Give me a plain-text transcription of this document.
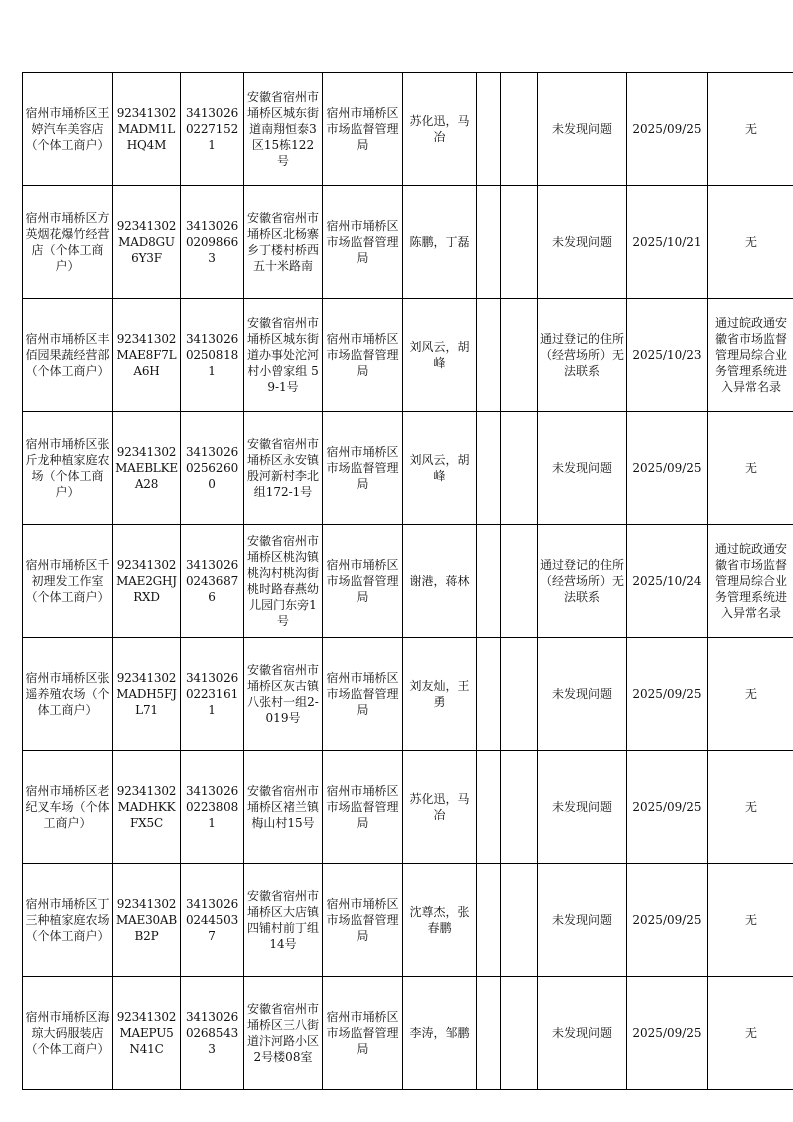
宿州市埇桥区王婷汽车美容店（个体工商户）	92341302MADM1LHQ4M	341302602271521	安徽省宿州市埇桥区城东街道南翔恒泰3区15栋122号	宿州市埇桥区市场监督管理局	苏化迅，马冶			未发现问题	2025/09/25	无
宿州市埇桥区方英烟花爆竹经营店（个体工商户）	92341302MAD8GU6Y3F	341302602098663	安徽省宿州市埇桥区北杨寨乡丁楼村桥西五十米路南	宿州市埇桥区市场监督管理局	陈鹏，丁磊			未发现问题	2025/10/21	无
宿州市埇桥区丰佰园果蔬经营部（个体工商户）	92341302MAE8F7LA6H	341302602508181	安徽省宿州市埇桥区城东街道办事处沱河村小曾家组 59-1号	宿州市埇桥区市场监督管理局	刘风云，胡峰			通过登记的住所（经营场所）无法联系	2025/10/23	通过皖政通安徽省市场监督管理局综合业务管理系统进入异常名录
宿州市埇桥区张斤龙种植家庭农场（个体工商户）	92341302MAEBLKEA28	341302602562600	安徽省宿州市埇桥区永安镇殷河新村李北组172-1号	宿州市埇桥区市场监督管理局	刘风云，胡峰			未发现问题	2025/09/25	无
宿州市埇桥区千初理发工作室（个体工商户）	92341302MAE2GHJRXD	341302602436876	安徽省宿州市埇桥区桃沟镇桃沟村桃沟街桃时路春燕幼儿园门东旁1号	宿州市埇桥区市场监督管理局	谢港，蒋林			通过登记的住所（经营场所）无法联系	2025/10/24	通过皖政通安徽省市场监督管理局综合业务管理系统进入异常名录
宿州市埇桥区张遥养殖农场（个体工商户）	92341302MADH5FJL71	341302602231611	安徽省宿州市埇桥区灰古镇八张村一组2-019号	宿州市埇桥区市场监督管理局	刘友灿，王勇			未发现问题	2025/09/25	无
宿州市埇桥区老纪叉车场（个体工商户）	92341302MADHKKFX5C	341302602238081	安徽省宿州市埇桥区褚兰镇梅山村15号	宿州市埇桥区市场监督管理局	苏化迅，马冶			未发现问题	2025/09/25	无
宿州市埇桥区丁三种植家庭农场（个体工商户）	92341302MAE30ABB2P	341302602445037	安徽省宿州市埇桥区大店镇四铺村前丁组14号	宿州市埇桥区市场监督管理局	沈尊杰，张春鹏			未发现问题	2025/09/25	无
宿州市埇桥区海琼大码服装店（个体工商户）	92341302MAEPU5N41C	341302602685433	安徽省宿州市埇桥区三八街道汴河路小区2号楼08室	宿州市埇桥区市场监督管理局	李涛，邹鹏			未发现问题	2025/09/25	无
